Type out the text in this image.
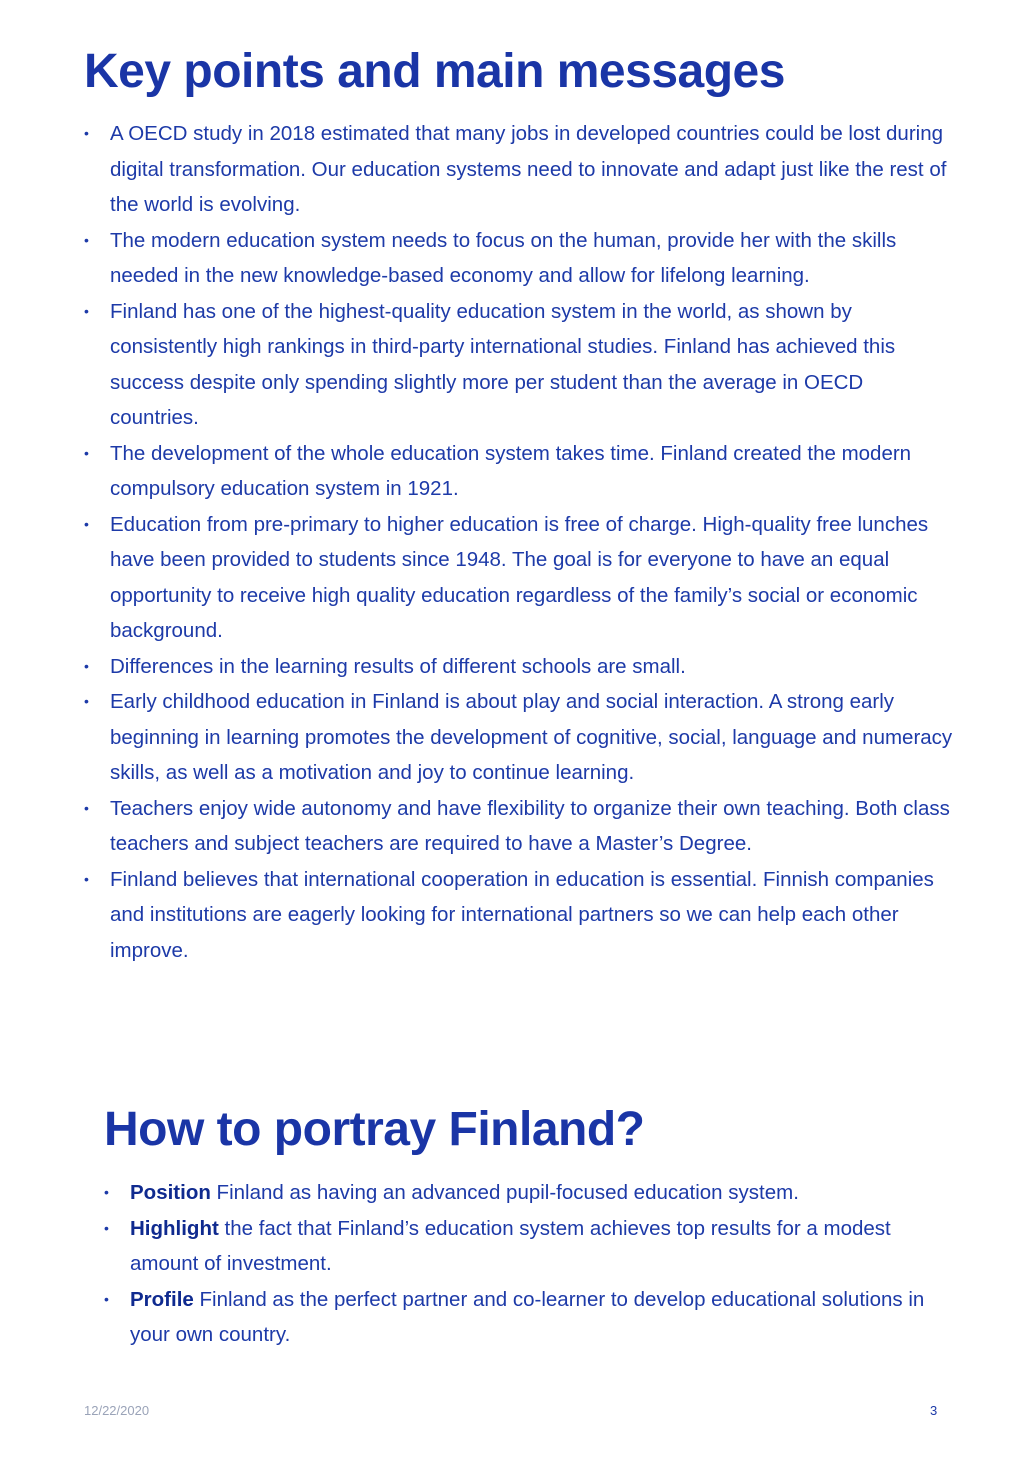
Key points and main messages
•	A OECD study in 2018 estimated that many jobs in developed countries could be lost during digital transformation. Our education systems need to innovate and adapt just like the rest of the world is evolving.
•	The modern education system needs to focus on the human, provide her with the skills needed in the new knowledge-based economy and allow for lifelong learning.
•	Finland has one of the highest-quality education system in the world, as shown by consistently high rankings in third-party international studies. Finland has achieved this success despite only spending slightly more per student than the average in OECD countries.
•	The development of the whole education system takes time. Finland created the modern compulsory education system in 1921.
•	Education from pre-primary to higher education is free of charge. High-quality free lunches have been provided to students since 1948. The goal is for everyone to have an equal opportunity to receive high quality education regardless of the family’s social or economic background.
•	Differences in the learning results of different schools are small.
•	Early childhood education in Finland is about play and social interaction. A strong early beginning in learning promotes the development of cognitive, social, language and numeracy skills, as well as a motivation and joy to continue learning.
•	Teachers enjoy wide autonomy and have flexibility to organize their own teaching. Both class teachers and subject teachers are required to have a Master’s Degree.
•	Finland believes that international cooperation in education is essential. Finnish companies and institutions are eagerly looking for international partners so we can help each other improve.
How to portray Finland?
•	Position Finland as having an advanced pupil-focused education system.
•	Highlight the fact that Finland’s education system achieves top results for a modest amount of investment.
•	Profile Finland as the perfect partner and co-learner to develop educational solutions in your own country.
12/22/2020	3
